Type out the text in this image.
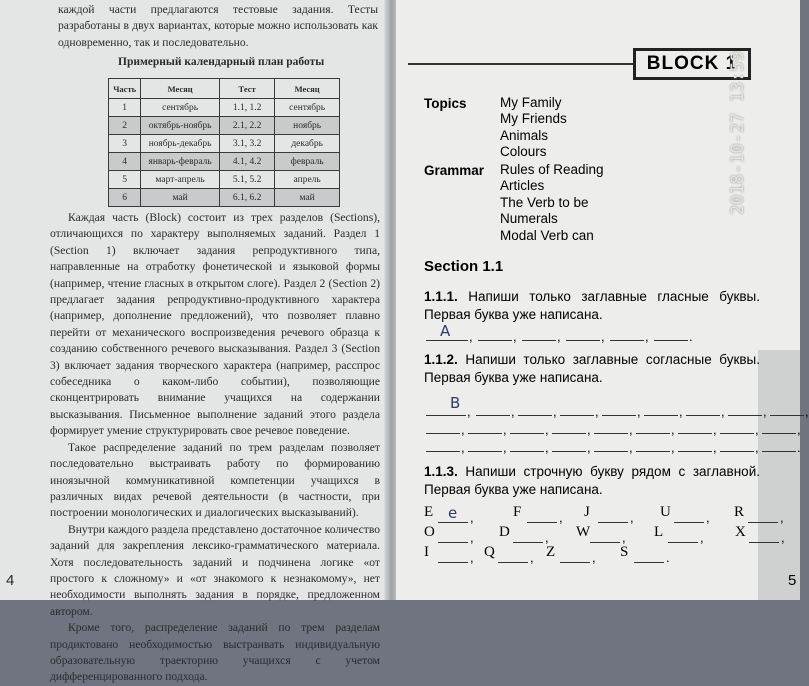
каждой части предлагаются тестовые задания. Тесты разработаны в двух вариантах, которые можно использовать как одновременно, так и последовательно.
Примерный календарный план работы
Часть	Месяц	Тест	Месяц
1	сентябрь	1.1, 1.2	сентябрь
2	октябрь-ноябрь	2.1, 2.2	ноябрь
3	ноябрь-декабрь	3.1, 3.2	декабрь
4	январь-февраль	4.1, 4.2	февраль
5	март-апрель	5.1, 5.2	апрель
6	май	6.1, 6.2	май

Каждая часть (Block) состоит из трех разделов (Sections), отличающихся по характеру выполняемых заданий. Раздел 1 (Section 1) включает задания репродуктивного типа, направленные на отработку фонетической и языковой формы (например, чтение гласных в открытом слоге). Раздел 2 (Section 2) предлагает задания репродуктивно-продуктивного характера (например, дополнение предложений), что позволяет плавно перейти от механического воспроизведения речевого образца к созданию собственного речевого высказывания. Раздел 3 (Section 3) включает задания творческого характера (например, расспрос собеседника о каком-либо событии), позволяющие сконцентрировать внимание учащихся на содержании высказывания. Письменное выполнение заданий этого раздела формирует умение структурировать свое речевое поведение.

Такое распределение заданий по трем разделам позволяет последовательно выстраивать работу по формированию иноязычной коммуникативной компетенции учащихся в различных видах речевой деятельности (в частности, при построении монологических и диалогических высказываний).

Внутри каждого раздела представлено достаточное количество заданий для закрепления лексико-грамматического материала. Хотя последовательность заданий и подчинена логике «от простого к сложному» и «от знакомого к незнакомому», нет необходимости выполнять задания в порядке, предложенном автором.

Кроме того, распределение заданий по трем разделам продиктовано необходимостью выстраивать индивидуальную образовательную траекторию учащихся с учетом дифференцированного подхода.

4
BLOCK 1
Topics My Family
My Friends
Animals
Colours
Grammar Rules of Reading
Articles
The Verb to be
Numerals
Modal Verb can
Section 1.1
1.1.1. Напиши только заглавные гласные буквы. Первая буква уже написана.
1.1.2. Напиши только заглавные согласные буквы. Первая буква уже написана.
1.1.3. Напиши строчную букву рядом с заглавной. Первая буква уже написана.
A ,	,	,	,	,	.
B ,	,	,	,	,	,	,	,	,
,	,	,	,	,	,	,	,	,
,	,	,	,	,	,	,	,	.
E	,	F	, J	, U	, R	,
O	, D	, W , L	, X	,
I	, Q	, Z	, S	.
e
5
2018-10-27 13:59
